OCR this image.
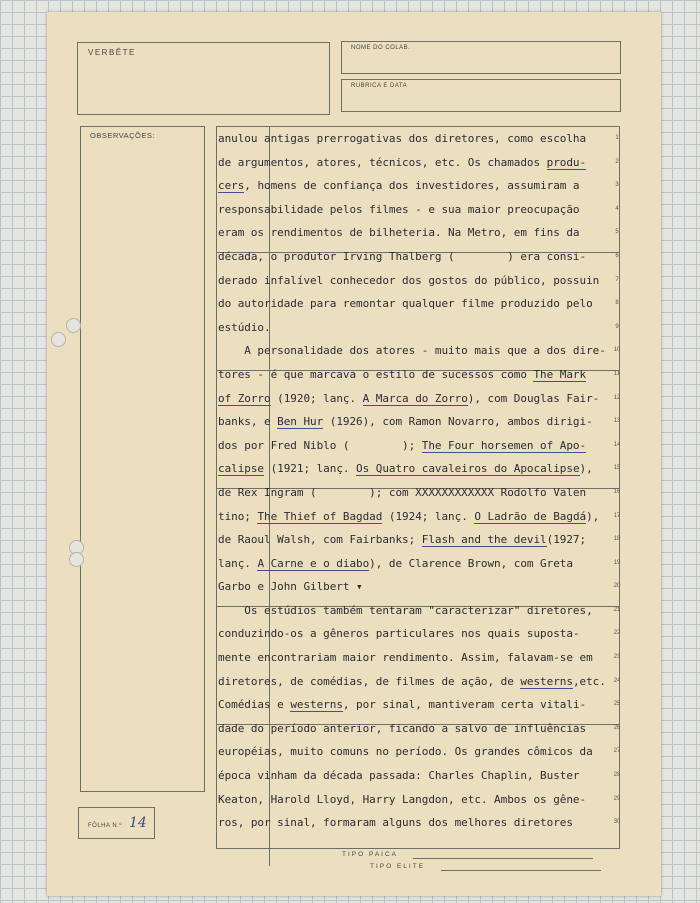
VERBÊTE	NOME DO COLAB.
RUBRICA E DATA
OBSERVAÇÕES:
FÔLHA N.º 14
TIPO PAICA
TIPO ELITE
anulou antigas prerrogativas dos diretores, como escolha	1
de argumentos, atores, técnicos, etc. Os chamados produ-	2
cers, homens de confiança dos investidores, assumiram a	3
responsabilidade pelos filmes - e sua maior preocupação	4
eram os rendimentos de bilheteria. Na Metro, em fins da	5
década, o produtor Irving Thalberg (        ) era consi-	6
derado infalível conhecedor dos gostos do público, possuin	7
do autoridade para remontar qualquer filme produzido pelo	8
estúdio.	9
A personalidade dos atores - muito mais que a dos dire-	10
tores - é que marcava o estilo de sucessos como The Mark	11
of Zorro (1920; lanç. A Marca do Zorro), com Douglas Fair-	12
banks, e Ben Hur (1926), com Ramon Novarro, ambos dirigi-	13
dos por Fred Niblo (        ); The Four horsemen of Apo-	14
calipse (1921; lanç. Os Quatro cavaleiros do Apocalipse),	15
de Rex Ingram (        ); com XXXXXXXXXXXX Rodolfo Valen	16
tino; The Thief of Bagdad (1924; lanç. O Ladrão de Bagdá),	17
de Raoul Walsh, com Fairbanks; Flash and the devil(1927;	18
lanç. A Carne e o diabo), de Clarence Brown, com Greta	19
Garbo e John Gilbert ▾	20
Os estúdios também tentaram "caracterizar" diretores,	21
conduzindo-os a gêneros particulares nos quais suposta-	22
mente encontrariam maior rendimento. Assim, falavam-se em	23
diretores, de comédias, de filmes de ação, de westerns,etc.	24
Comédias e westerns, por sinal, mantiveram certa vitali-	25
dade do período anterior, ficando a salvo de influências	26
européias, muito comuns no período. Os grandes cômicos da	27
época vinham da década passada: Charles Chaplin, Buster	28
Keaton, Harold Lloyd, Harry Langdon, etc. Ambos os gêne-	29
ros, por sinal, formaram alguns dos melhores diretores	30
